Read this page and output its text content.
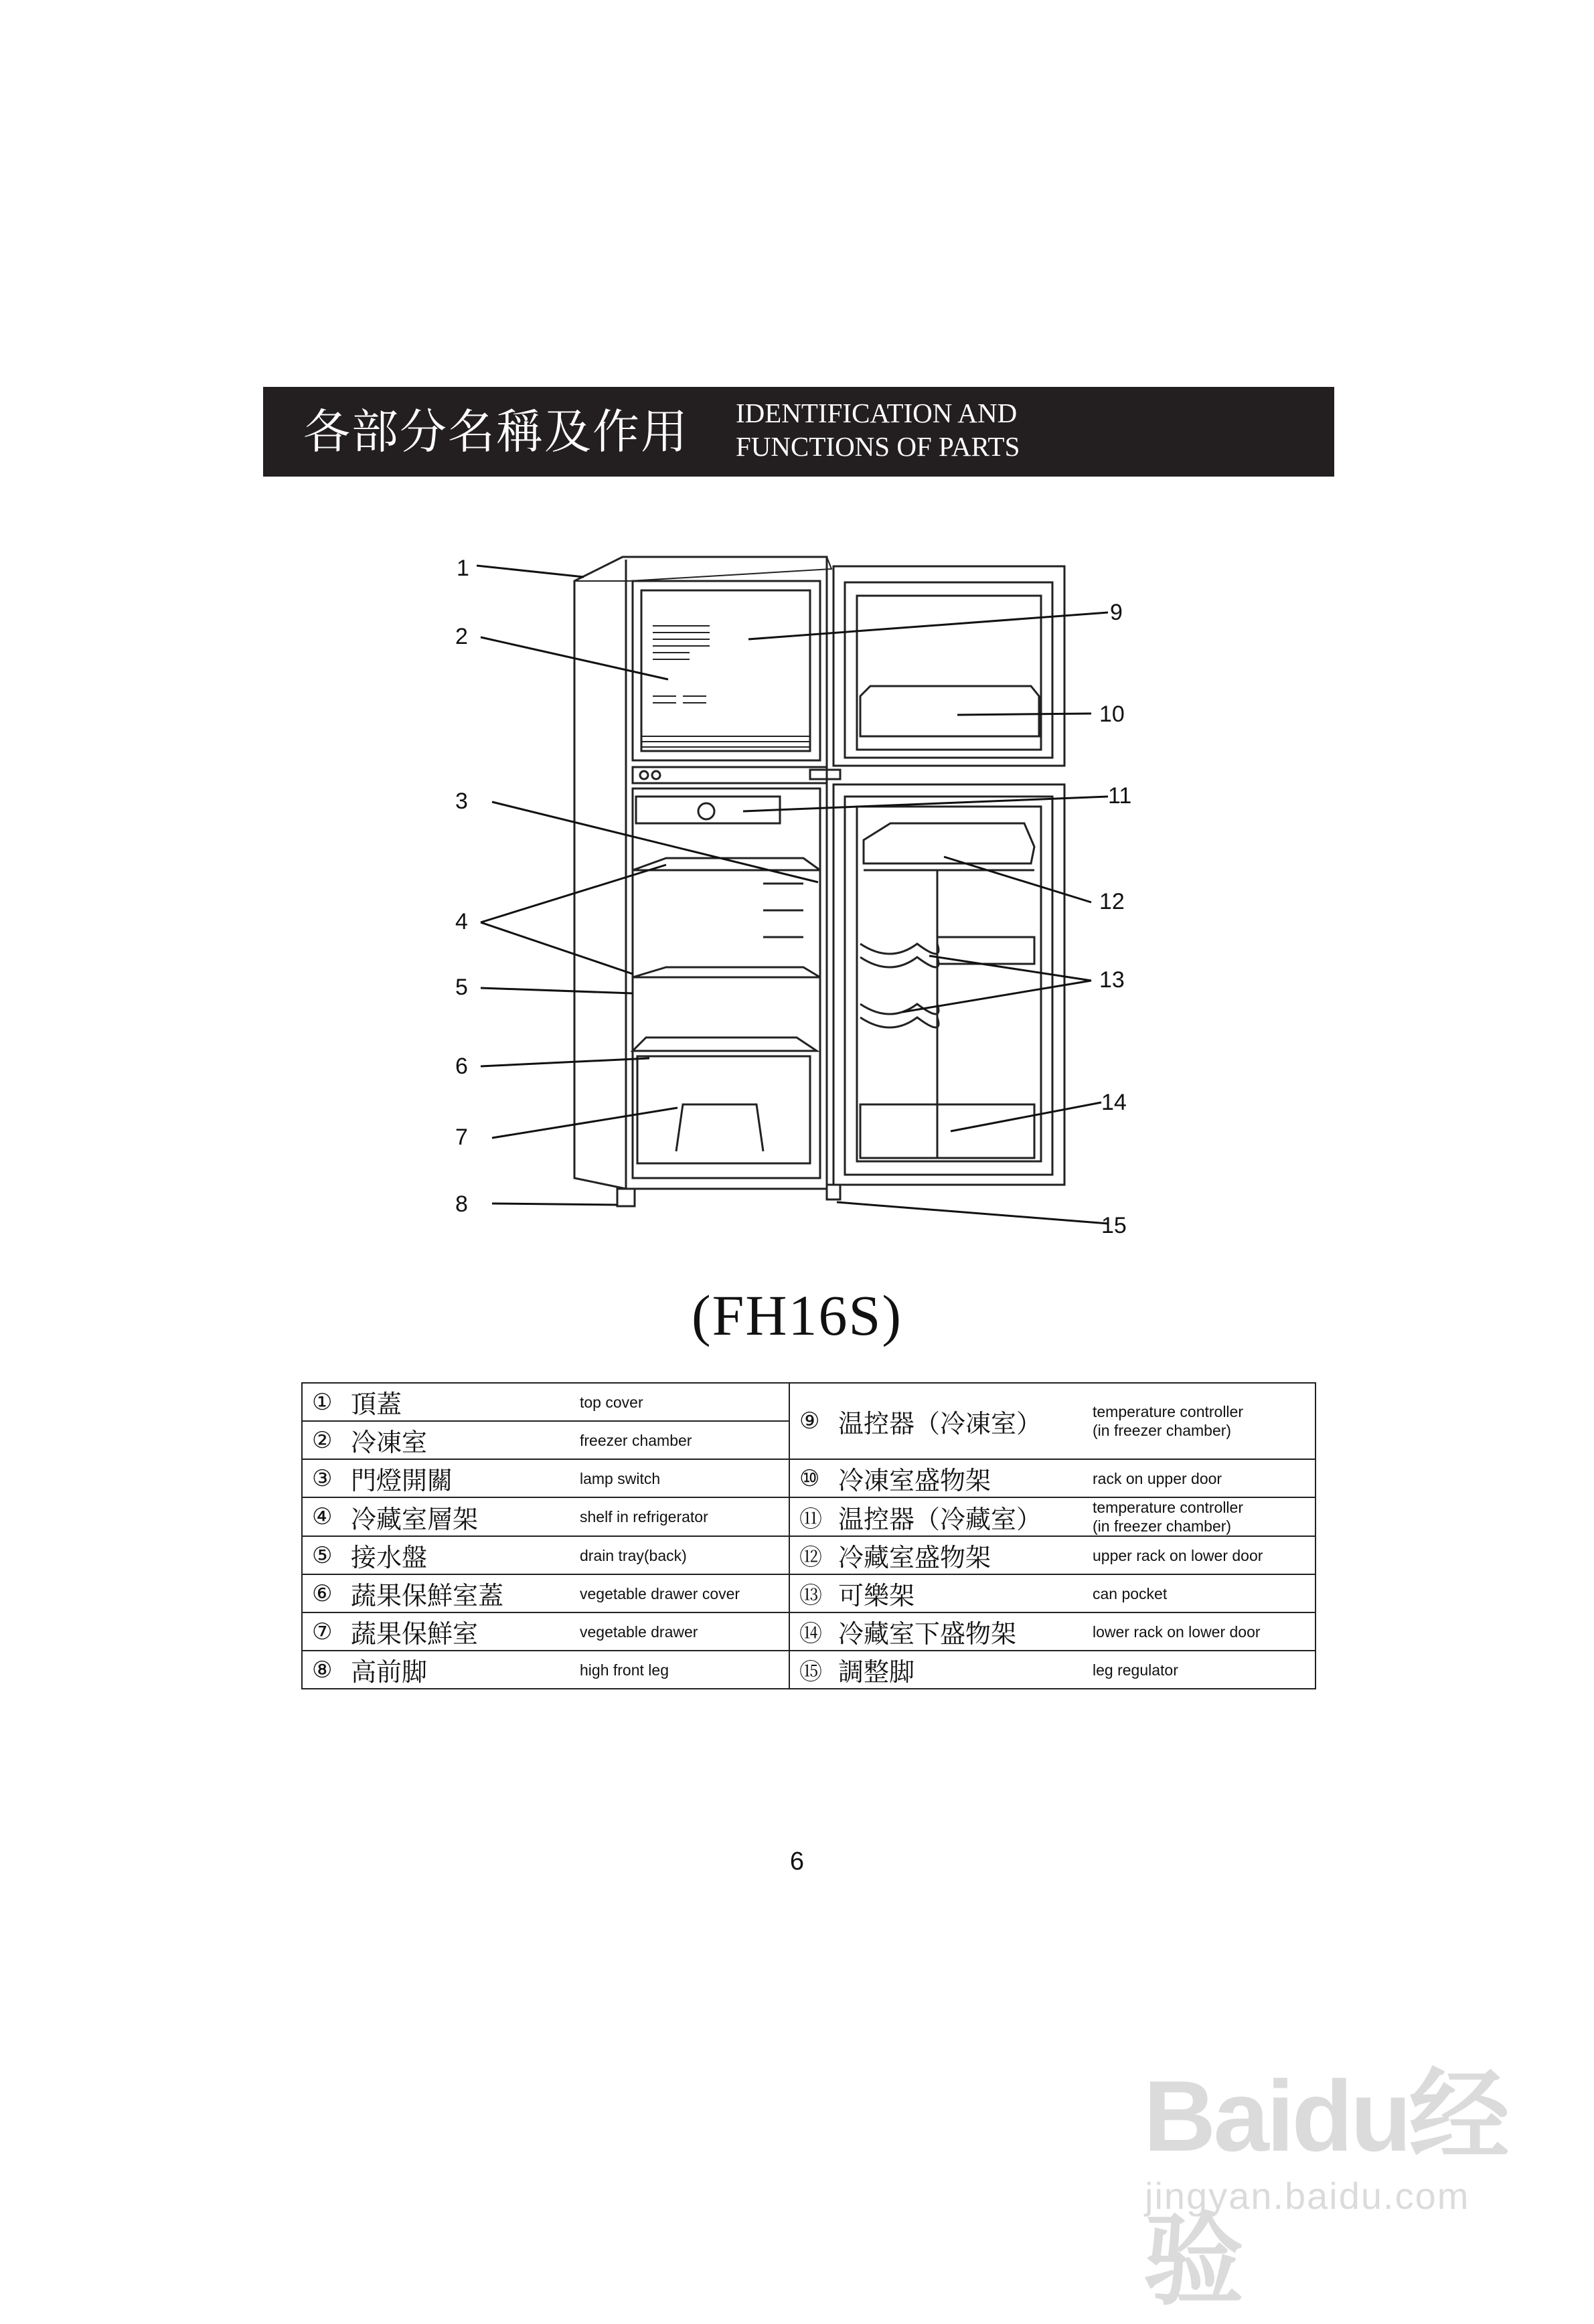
各部分名稱及作用 IDENTIFICATION AND
FUNCTIONS OF PARTS
1
2
3
4
5
6
7
8
9
10
11
12
13
14
15
(FH16S)
① 頂蓋 top cover	⑨ 温控器（冷凍室） temperature controller
(in freezer chamber)

② 冷凍室 freezer chamber	

③ 門燈開關 lamp switch	⑩ 冷凍室盛物架 rack on upper door

④ 冷藏室層架 shelf in refrigerator	⑪ 温控器（冷藏室） temperature controller
(in freezer chamber)

⑤ 接水盤 drain tray(back)	⑫ 冷藏室盛物架 upper rack on lower door

⑥ 蔬果保鮮室蓋 vegetable drawer cover	⑬ 可樂架 can pocket

⑦ 蔬果保鮮室 vegetable drawer	⑭ 冷藏室下盛物架 lower rack on lower door

⑧ 高前脚 high front leg	⑮ 調整脚 leg regulator
6
Baidu经验
jingyan.baidu.com
